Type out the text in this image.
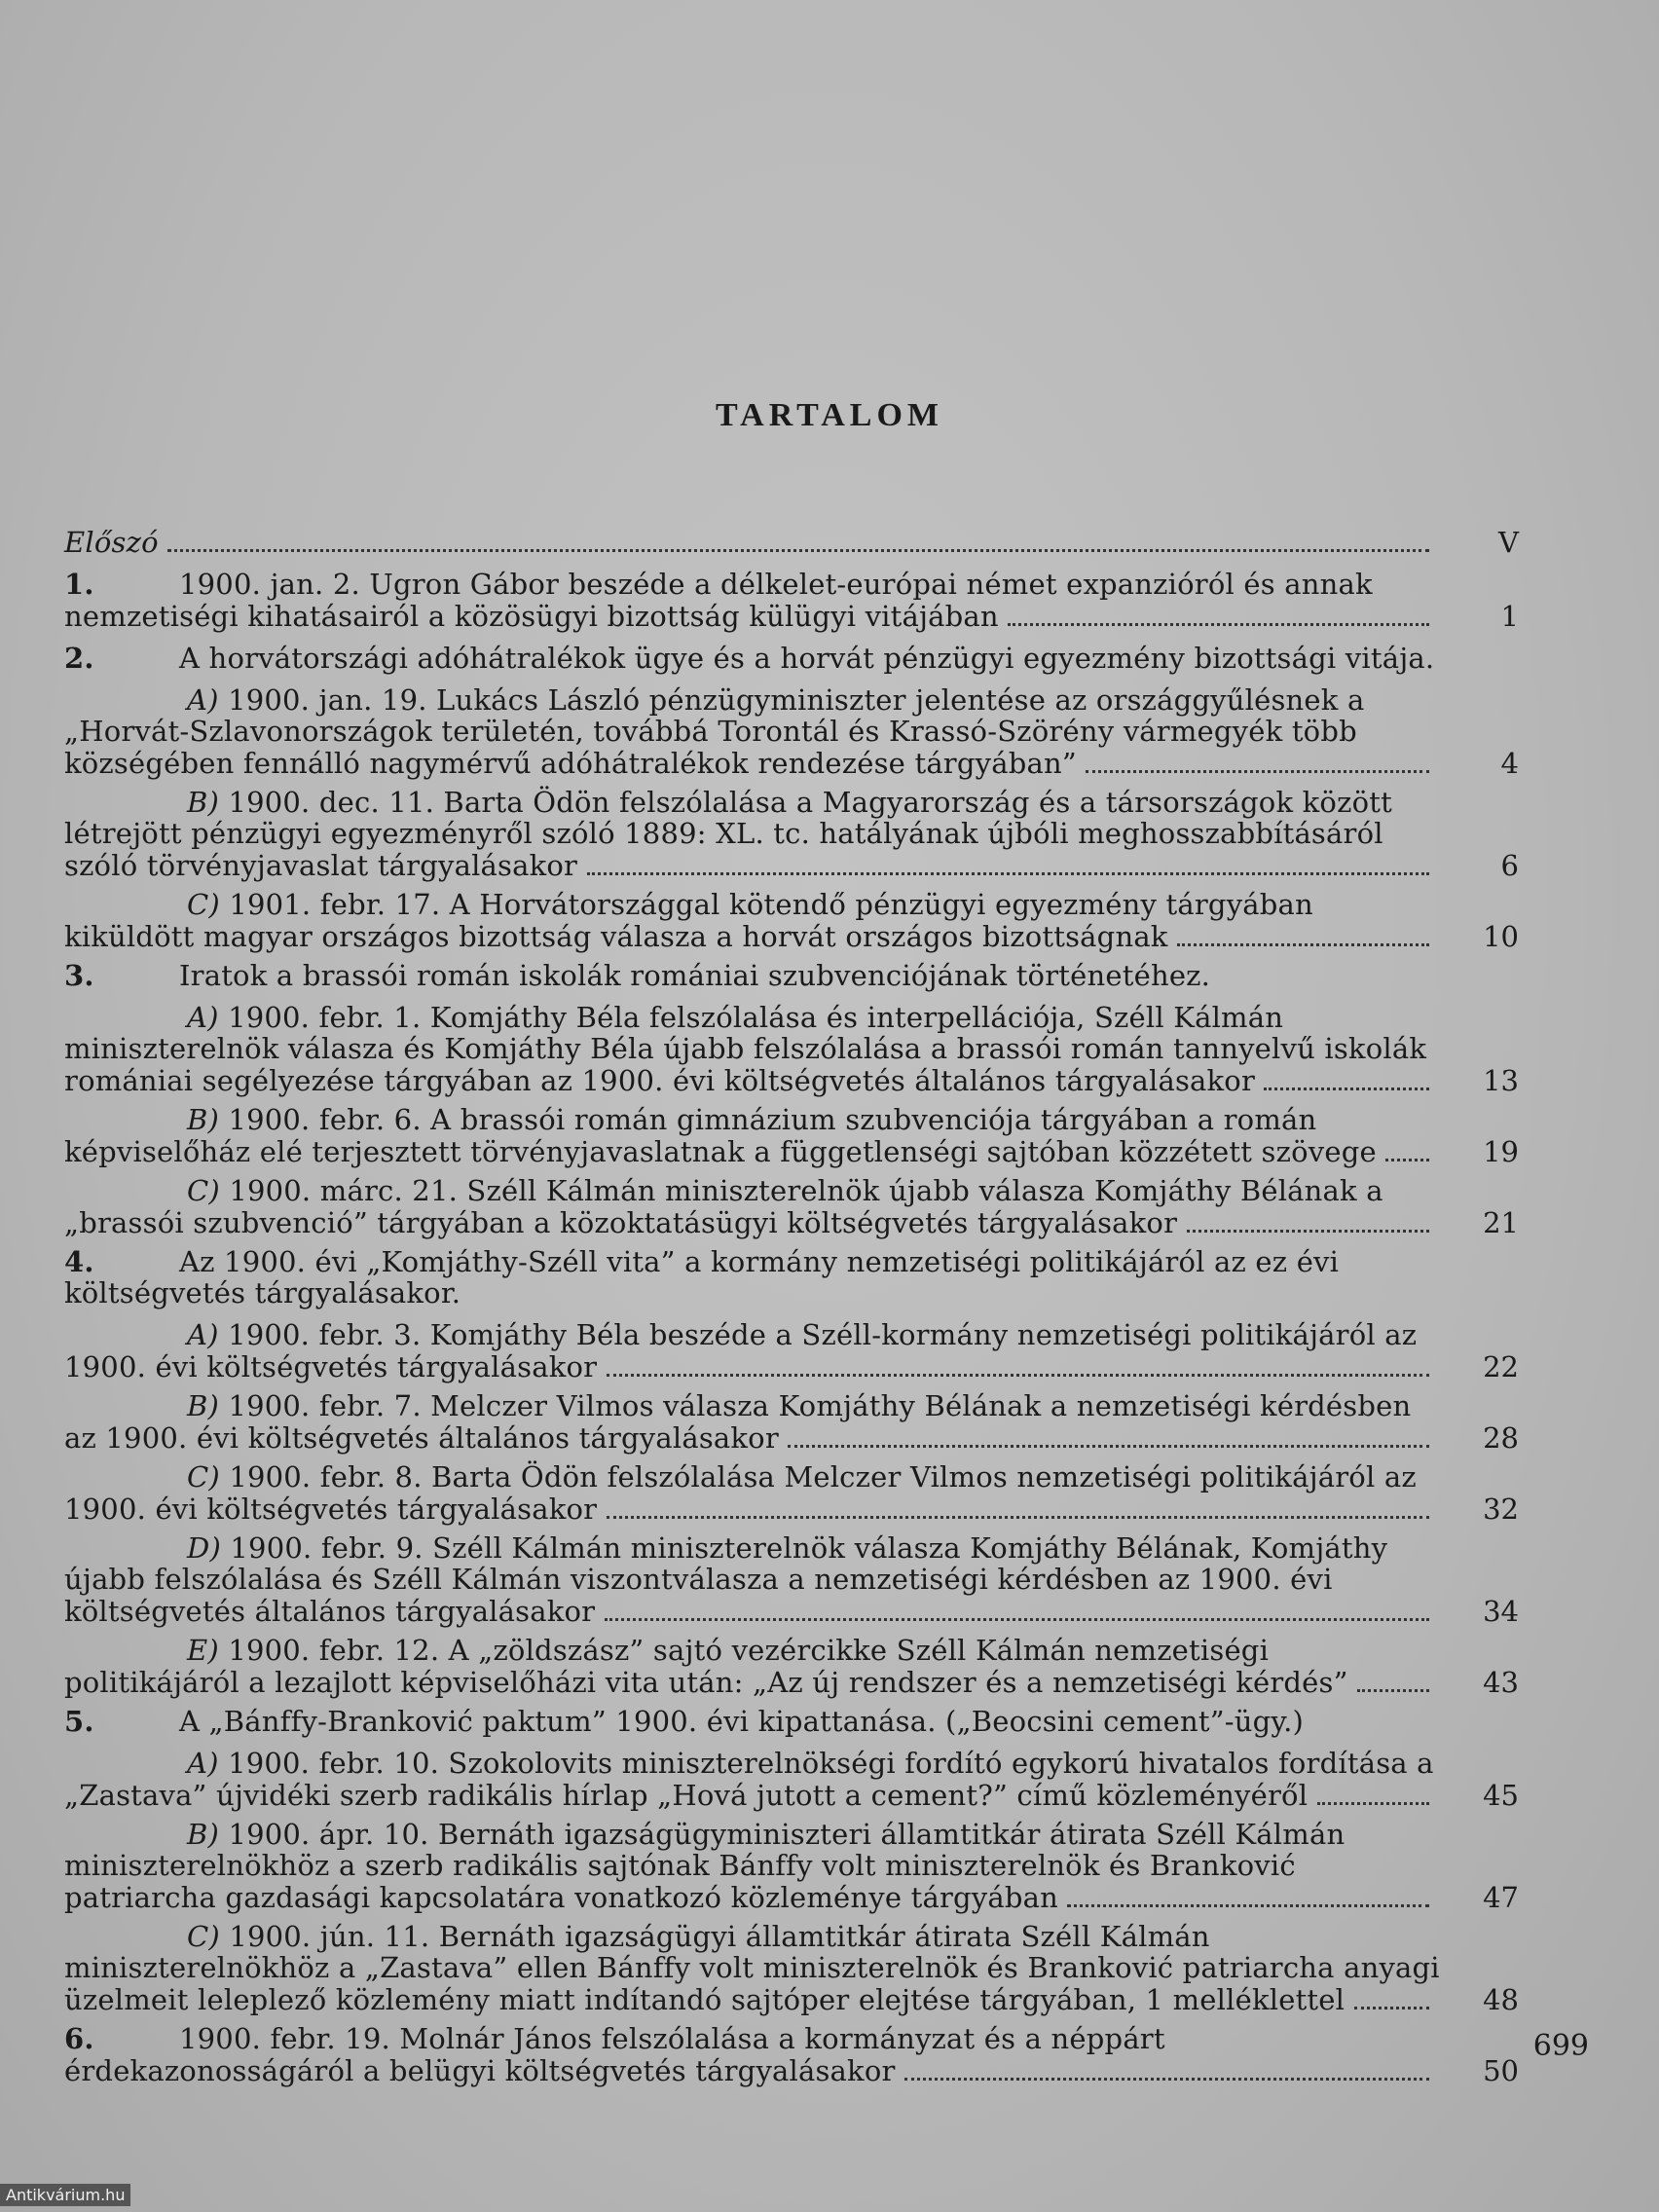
TARTALOM
Előszó	V
1.	1900. jan. 2. Ugron Gábor beszéde a délkelet-európai német expanzióról és annak nemzetiségi kihatásairól a közösügyi bizottság külügyi vitájában	1
2.	A horvátországi adóhátralékok ügye és a horvát pénzügyi egyezmény bizottsági vitája.
A) 1900. jan. 19. Lukács László pénzügyminiszter jelentése az országgyűlésnek a „Horvát-Szlavonországok területén, továbbá Torontál és Krassó-Szörény vármegyék több községében fennálló nagymérvű adóhátralékok rendezése tárgyában”	4
B) 1900. dec. 11. Barta Ödön felszólalása a Magyarország és a társországok között létrejött pénzügyi egyezményről szóló 1889: XL. tc. hatályának újbóli meghosszabbításáról szóló törvényjavaslat tárgyalásakor	6
C) 1901. febr. 17. A Horvátországgal kötendő pénzügyi egyezmény tárgyában kiküldött magyar országos bizottság válasza a horvát országos bizottságnak	10
3.	Iratok a brassói román iskolák romániai szubvenciójának történetéhez.
A) 1900. febr. 1. Komjáthy Béla felszólalása és interpellációja, Széll Kálmán miniszterelnök válasza és Komjáthy Béla újabb felszólalása a brassói román tannyelvű iskolák romániai segélyezése tárgyában az 1900. évi költségvetés általános tárgyalásakor	13
B) 1900. febr. 6. A brassói román gimnázium szubvenciója tárgyában a román képviselőház elé terjesztett törvényjavaslatnak a függetlenségi sajtóban közzétett szövege	19
C) 1900. márc. 21. Széll Kálmán miniszterelnök újabb válasza Komjáthy Bélának a „brassói szubvenció” tárgyában a közoktatásügyi költségvetés tárgyalásakor	21
4.	Az 1900. évi „Komjáthy-Széll vita” a kormány nemzetiségi politikájáról az ez évi költségvetés tárgyalásakor.
A) 1900. febr. 3. Komjáthy Béla beszéde a Széll-kormány nemzetiségi politikájáról az 1900. évi költségvetés tárgyalásakor	22
B) 1900. febr. 7. Melczer Vilmos válasza Komjáthy Bélának a nemzetiségi kérdésben az 1900. évi költségvetés általános tárgyalásakor	28
C) 1900. febr. 8. Barta Ödön felszólalása Melczer Vilmos nemzetiségi politikájáról az 1900. évi költségvetés tárgyalásakor	32
D) 1900. febr. 9. Széll Kálmán miniszterelnök válasza Komjáthy Bélának, Komjáthy újabb felszólalása és Széll Kálmán viszontválasza a nemzetiségi kérdésben az 1900. évi költségvetés általános tárgyalásakor	34
E) 1900. febr. 12. A „zöldszász” sajtó vezércikke Széll Kálmán nemzetiségi politikájáról a lezajlott képviselőházi vita után: „Az új rendszer és a nemzetiségi kérdés”	43
5.	A „Bánffy-Branković paktum” 1900. évi kipattanása. („Beocsini cement”-ügy.)
A) 1900. febr. 10. Szokolovits miniszterelnökségi fordító egykorú hivatalos fordítása a „Zastava” újvidéki szerb radikális hírlap „Hová jutott a cement?” című közleményéről	45
B) 1900. ápr. 10. Bernáth igazságügyminiszteri államtitkár átirata Széll Kálmán miniszterelnökhöz a szerb radikális sajtónak Bánffy volt miniszterelnök és Branković patriarcha gazdasági kapcsolatára vonatkozó közleménye tárgyában	47
C) 1900. jún. 11. Bernáth igazságügyi államtitkár átirata Széll Kálmán miniszterelnökhöz a „Zastava” ellen Bánffy volt miniszterelnök és Branković patriarcha anyagi üzelmeit leleplező közlemény miatt indítandó sajtóper elejtése tárgyában, 1 melléklettel	48
6.	1900. febr. 19. Molnár János felszólalása a kormányzat és a néppárt érdekazonosságáról a belügyi költségvetés tárgyalásakor	50
699
Antikvárium.hu
